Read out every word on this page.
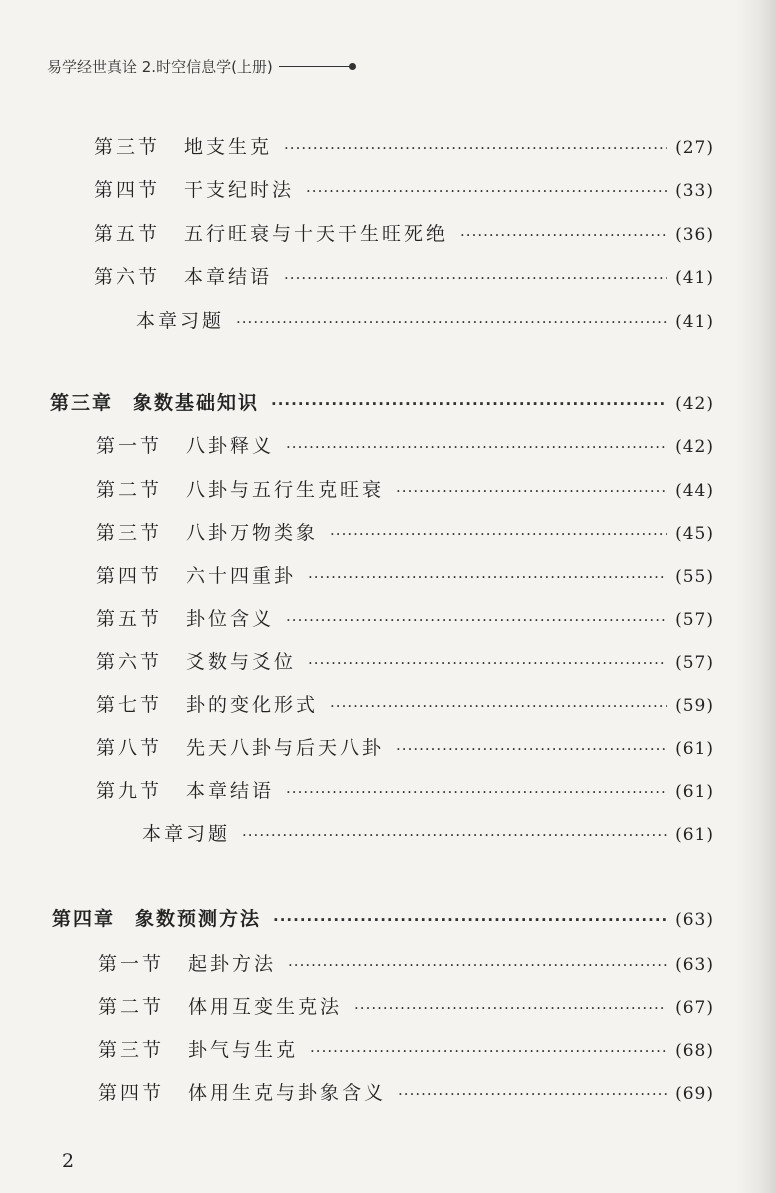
易学经世真诠 2.时空信息学(上册)
第三节 地支生克 ·····	(27)
第四节 干支纪时法 ·····	(33)
第五节 五行旺衰与十天干生旺死绝 ·····	(36)
第六节 本章结语 ·····	(41)
本章习题 ·····	(41)
第三章 象数基础知识 ·····	(42)
第一节 八卦释义 ·····	(42)
第二节 八卦与五行生克旺衰 ·····	(44)
第三节 八卦万物类象 ·····	(45)
第四节 六十四重卦 ·····	(55)
第五节 卦位含义 ·····	(57)
第六节 爻数与爻位 ·····	(57)
第七节 卦的变化形式 ·····	(59)
第八节 先天八卦与后天八卦 ·····	(61)
第九节 本章结语 ·····	(61)
本章习题 ·····	(61)
第四章 象数预测方法 ·····	(63)
第一节 起卦方法 ·····	(63)
第二节 体用互变生克法 ·····	(67)
第三节 卦气与生克 ·····	(68)
第四节 体用生克与卦象含义 ·····	(69)
2
